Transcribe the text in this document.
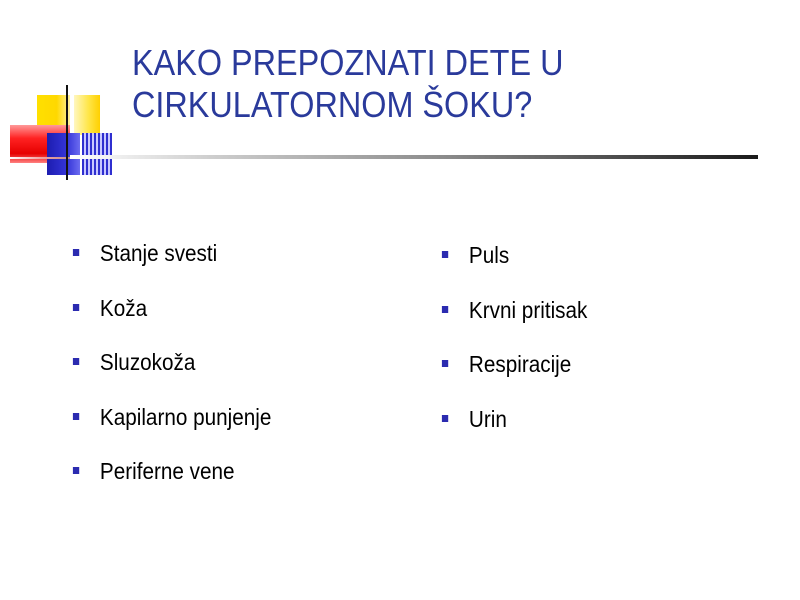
KAKO PREPOZNATI DETE U
CIRKULATORNOM ŠOKU?
Stanje svesti
Koža
Sluzokoža
Kapilarno punjenje
Periferne vene
Puls
Krvni pritisak
Respiracije
Urin
